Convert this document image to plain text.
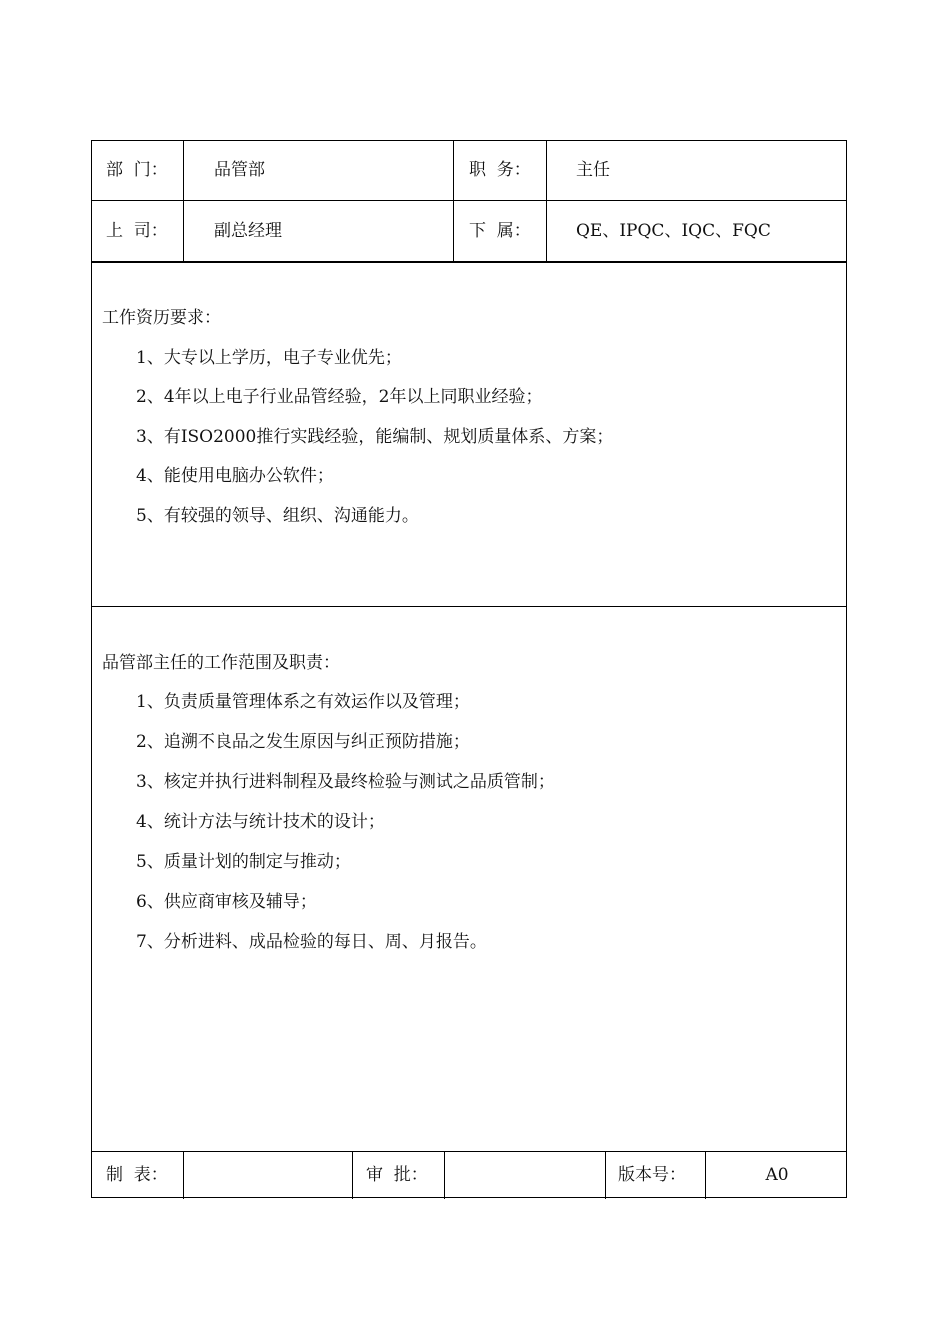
部  门：	品管部	职  务：	主任
上  司：	副总经理	下  属：	QE、IPQC、IQC、FQC
工作资历要求：
1、大专以上学历，电子专业优先；
2、4年以上电子行业品管经验，2年以上同职业经验；
3、有ISO2000推行实践经验，能编制、规划质量体系、方案；
4、能使用电脑办公软件；
5、有较强的领导、组织、沟通能力。
品管部主任的工作范围及职责：
1、负责质量管理体系之有效运作以及管理；
2、追溯不良品之发生原因与纠正预防措施；
3、核定并执行进料制程及最终检验与测试之品质管制；
4、统计方法与统计技术的设计；
5、质量计划的制定与推动；
6、供应商审核及辅导；
7、分析进料、成品检验的每日、周、月报告。
制  表：	审  批：	版本号：	A0
